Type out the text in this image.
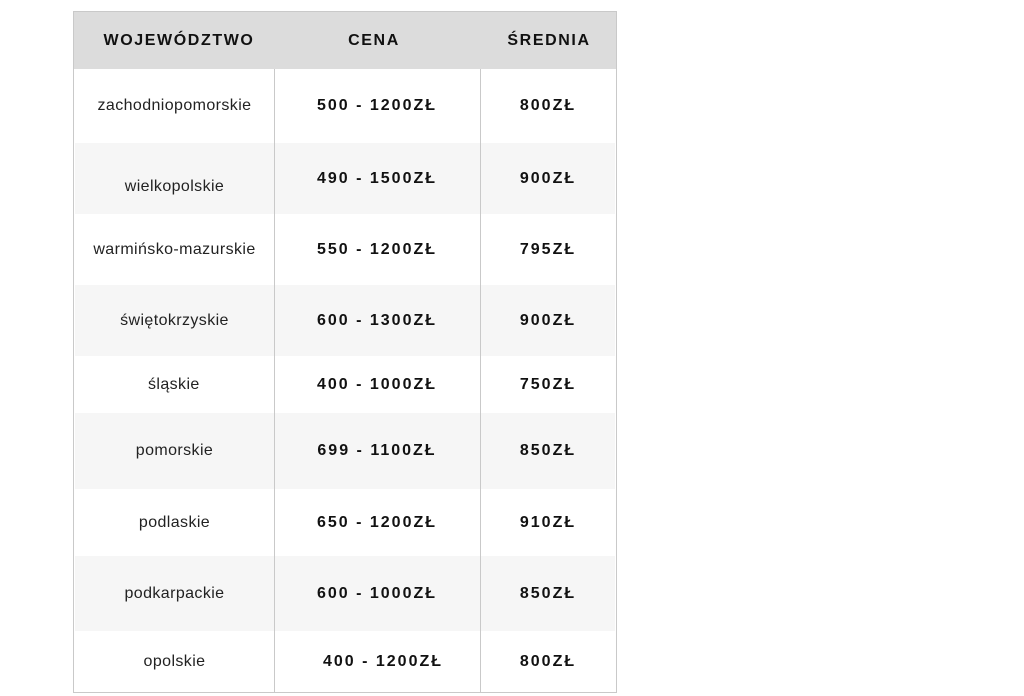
WOJEWÓDZTWO	CENA	ŚREDNIA
zachodniopomorskie	500 - 1200ZŁ	800ZŁ
wielkopolskie	490 - 1500ZŁ	900ZŁ
warmińsko-mazurskie	550 - 1200ZŁ	795ZŁ
świętokrzyskie	600 - 1300ZŁ	900ZŁ
śląskie	400 - 1000ZŁ	750ZŁ
pomorskie	699 - 1100ZŁ	850ZŁ
podlaskie	650 - 1200ZŁ	910ZŁ
podkarpackie	600 - 1000ZŁ	850ZŁ
opolskie	400 - 1200ZŁ	800ZŁ
